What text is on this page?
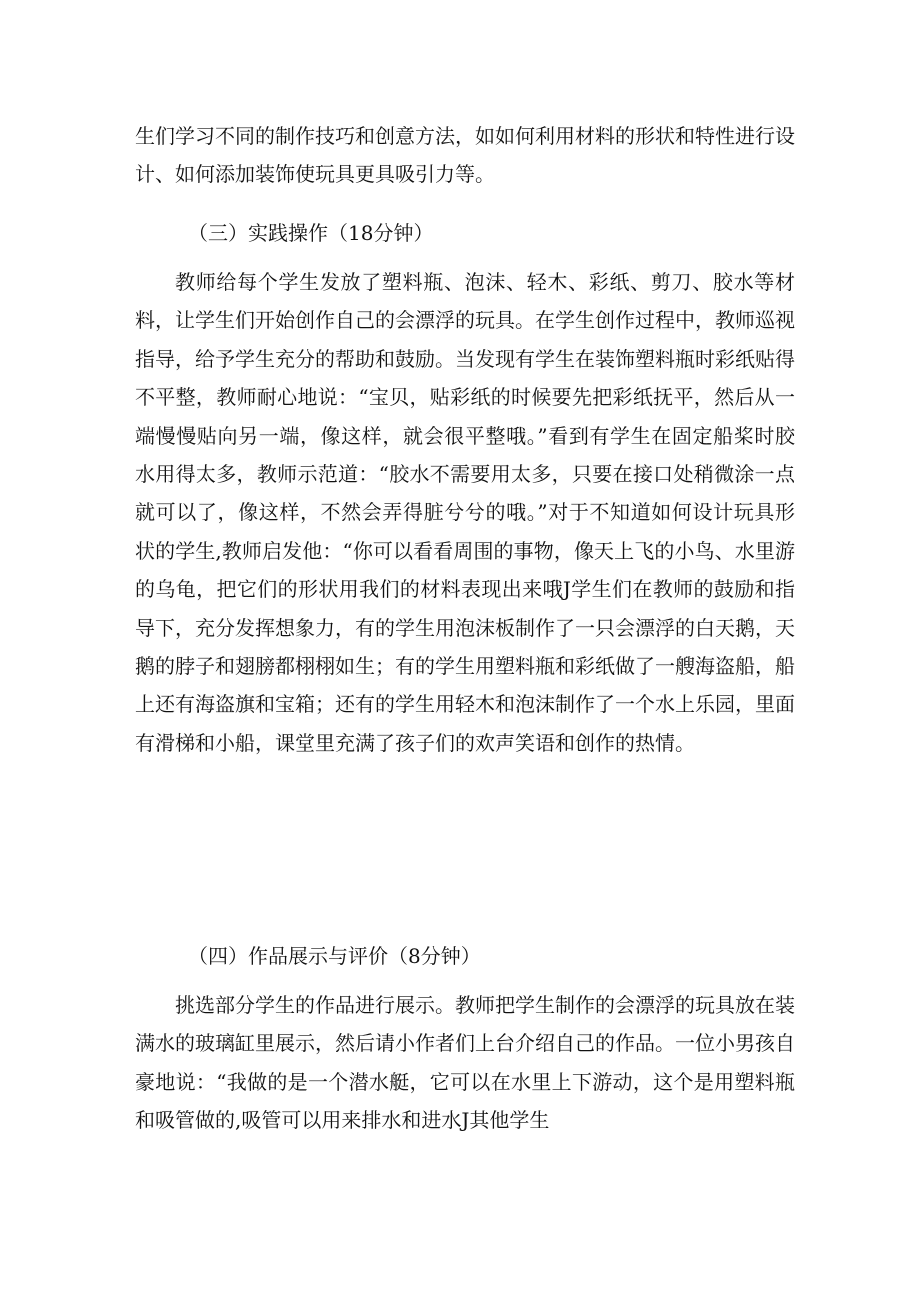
生们学习不同的制作技巧和创意方法，如如何利用材料的形状和特性进行设计、如何添加装饰使玩具更具吸引力等。

（三）实践操作（18分钟）

教师给每个学生发放了塑料瓶、泡沫、轻木、彩纸、剪刀、胶水等材料，让学生们开始创作自己的会漂浮的玩具。在学生创作过程中，教师巡视指导，给予学生充分的帮助和鼓励。当发现有学生在装饰塑料瓶时彩纸贴得不平整，教师耐心地说：“宝贝，贴彩纸的时候要先把彩纸抚平，然后从一端慢慢贴向另一端，像这样，就会很平整哦。”看到有学生在固定船桨时胶水用得太多，教师示范道：“胶水不需要用太多，只要在接口处稍微涂一点就可以了，像这样，不然会弄得脏兮兮的哦。”对于不知道如何设计玩具形状的学生,教师启发他：“你可以看看周围的事物，像天上飞的小鸟、水里游的乌龟，把它们的形状用我们的材料表现出来哦J学生们在教师的鼓励和指导下，充分发挥想象力，有的学生用泡沫板制作了一只会漂浮的白天鹅，天鹅的脖子和翅膀都栩栩如生；有的学生用塑料瓶和彩纸做了一艘海盗船，船上还有海盗旗和宝箱；还有的学生用轻木和泡沫制作了一个水上乐园，里面有滑梯和小船，课堂里充满了孩子们的欢声笑语和创作的热情。

（四）作品展示与评价（8分钟）

挑选部分学生的作品进行展示。教师把学生制作的会漂浮的玩具放在装满水的玻璃缸里展示，然后请小作者们上台介绍自己的作品。一位小男孩自豪地说：“我做的是一个潜水艇，它可以在水里上下游动，这个是用塑料瓶和吸管做的,吸管可以用来排水和进水J其他学生
